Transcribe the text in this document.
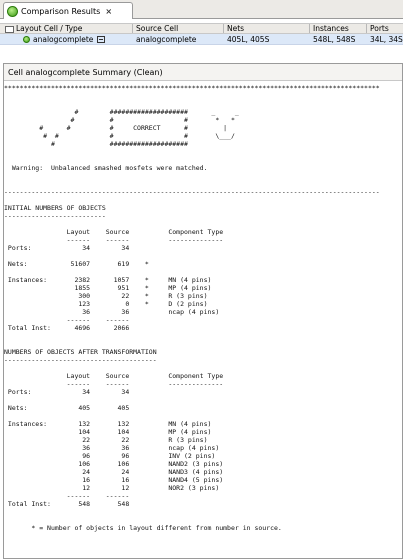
Comparison Results ×
Layout Cell / Type	Source Cell	Nets	Instances	Ports
analogcomplete	analogcomplete	405L, 405S	548L, 548S	34L, 34S
Cell analogcomplete Summary (Clean)
************************************************************************************************

#        ####################      _     _
#         #                  #       *   *
#      #          #     CORRECT      #         |
#  #             #                  #       \___/
#              ####################

Warning:  Unbalanced smashed mosfets were matched.

------------------------------------------------------------------------------------------------

INITIAL NUMBERS OF OBJECTS
--------------------------

Layout    Source          Component Type
------    ------          --------------
Ports:             34        34

Nets:           51607       619    *

Instances:       2382      1057    *     MN (4 pins)
1855       951    *     MP (4 pins)
300        22    *     R (3 pins)
123         0    *     D (2 pins)
36        36          ncap (4 pins)
------    ------
Total Inst:      4696      2066

NUMBERS OF OBJECTS AFTER TRANSFORMATION
---------------------------------------

Layout    Source          Component Type
------    ------          --------------
Ports:             34        34

Nets:             405       405

Instances:        132       132          MN (4 pins)
104       104          MP (4 pins)
22        22          R (3 pins)
36        36          ncap (4 pins)
96        96          INV (2 pins)
106       106          NAND2 (3 pins)
24        24          NAND3 (4 pins)
16        16          NAND4 (5 pins)
12        12          NOR2 (3 pins)
------    ------
Total Inst:       548       548

* = Number of objects in layout different from number in source.
